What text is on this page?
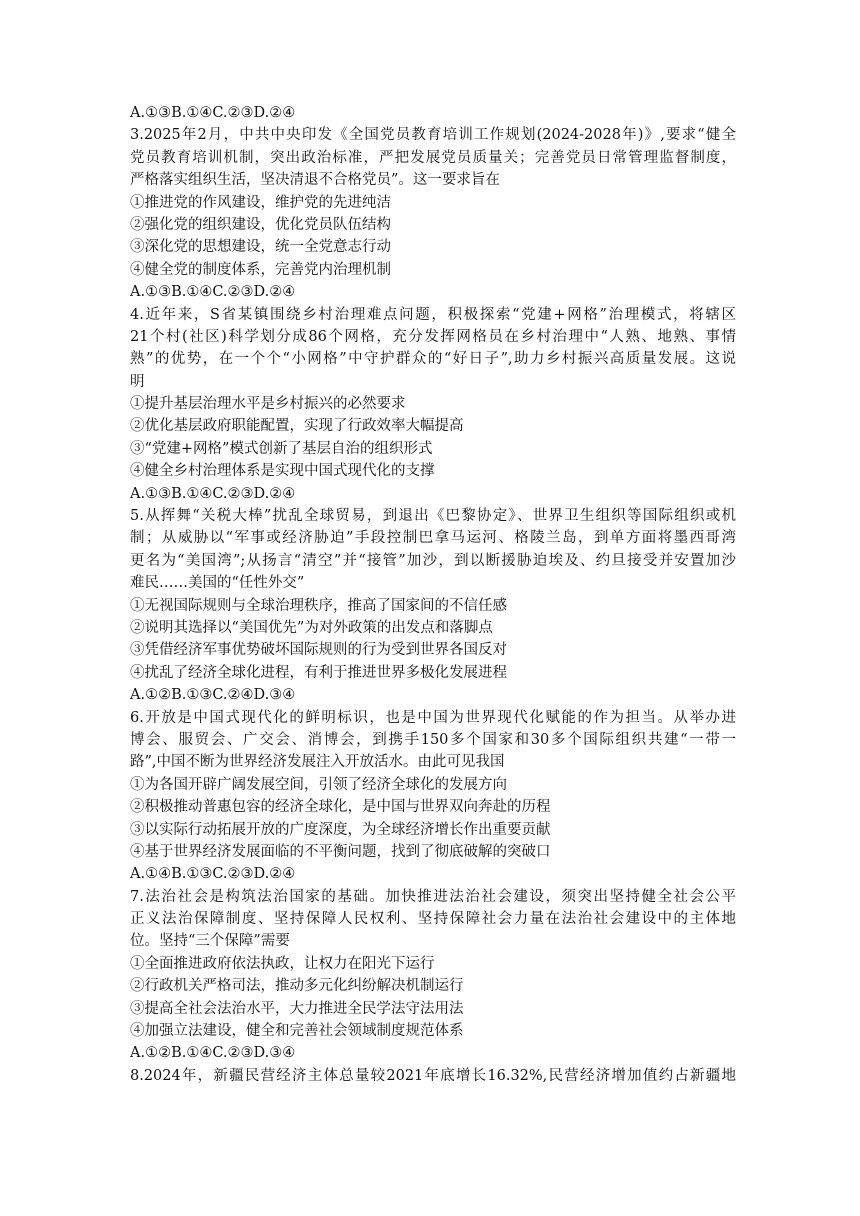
A.①③B.①④C.②③D.②④
3.2025年2月，中共中央印发《全国党员教育培训工作规划(2024-2028年)》,要求“健全
党员教育培训机制，突出政治标准，严把发展党员质量关；完善党员日常管理监督制度，
严格落实组织生活，坚决清退不合格党员”。这一要求旨在
①推进党的作风建设，维护党的先进纯洁
②强化党的组织建设，优化党员队伍结构
③深化党的思想建设，统一全党意志行动
④健全党的制度体系，完善党内治理机制
A.①③B.①④C.②③D.②④
4.近年来，S省某镇围绕乡村治理难点问题，积极探索“党建+网格”治理模式，将辖区
21个村(社区)科学划分成86个网格，充分发挥网格员在乡村治理中“人熟、地熟、事情
熟”的优势，在一个个“小网格”中守护群众的“好日子”,助力乡村振兴高质量发展。这说
明
①提升基层治理水平是乡村振兴的必然要求
②优化基层政府职能配置，实现了行政效率大幅提高
③“党建+网格”模式创新了基层自治的组织形式
④健全乡村治理体系是实现中国式现代化的支撑
A.①③B.①④C.②③D.②④
5.从挥舞“关税大棒”扰乱全球贸易，到退出《巴黎协定》、世界卫生组织等国际组织或机
制；从威胁以“军事或经济胁迫”手段控制巴拿马运河、格陵兰岛，到单方面将墨西哥湾
更名为“美国湾”;从扬言“清空”并“接管”加沙，到以断援胁迫埃及、约旦接受并安置加沙
难民……美国的“任性外交”
①无视国际规则与全球治理秩序，推高了国家间的不信任感
②说明其选择以“美国优先”为对外政策的出发点和落脚点
③凭借经济军事优势破坏国际规则的行为受到世界各国反对
④扰乱了经济全球化进程，有利于推进世界多极化发展进程
A.①②B.①③C.②④D.③④
6.开放是中国式现代化的鲜明标识，也是中国为世界现代化赋能的作为担当。从举办进
博会、服贸会、广交会、消博会，到携手150多个国家和30多个国际组织共建“一带一
路”,中国不断为世界经济发展注入开放活水。由此可见我国
①为各国开辟广阔发展空间，引领了经济全球化的发展方向
②积极推动普惠包容的经济全球化，是中国与世界双向奔赴的历程
③以实际行动拓展开放的广度深度，为全球经济增长作出重要贡献
④基于世界经济发展面临的不平衡问题，找到了彻底破解的突破口
A.①④B.①③C.②③D.②④
7.法治社会是构筑法治国家的基础。加快推进法治社会建设，须突出坚持健全社会公平
正义法治保障制度、坚持保障人民权利、坚持保障社会力量在法治社会建设中的主体地
位。坚持“三个保障”需要
①全面推进政府依法执政，让权力在阳光下运行
②行政机关严格司法，推动多元化纠纷解决机制运行
③提高全社会法治水平，大力推进全民学法守法用法
④加强立法建设，健全和完善社会领域制度规范体系
A.①②B.①④C.②③D.③④
8.2024年，新疆民营经济主体总量较2021年底增长16.32%,民营经济增加值约占新疆地
